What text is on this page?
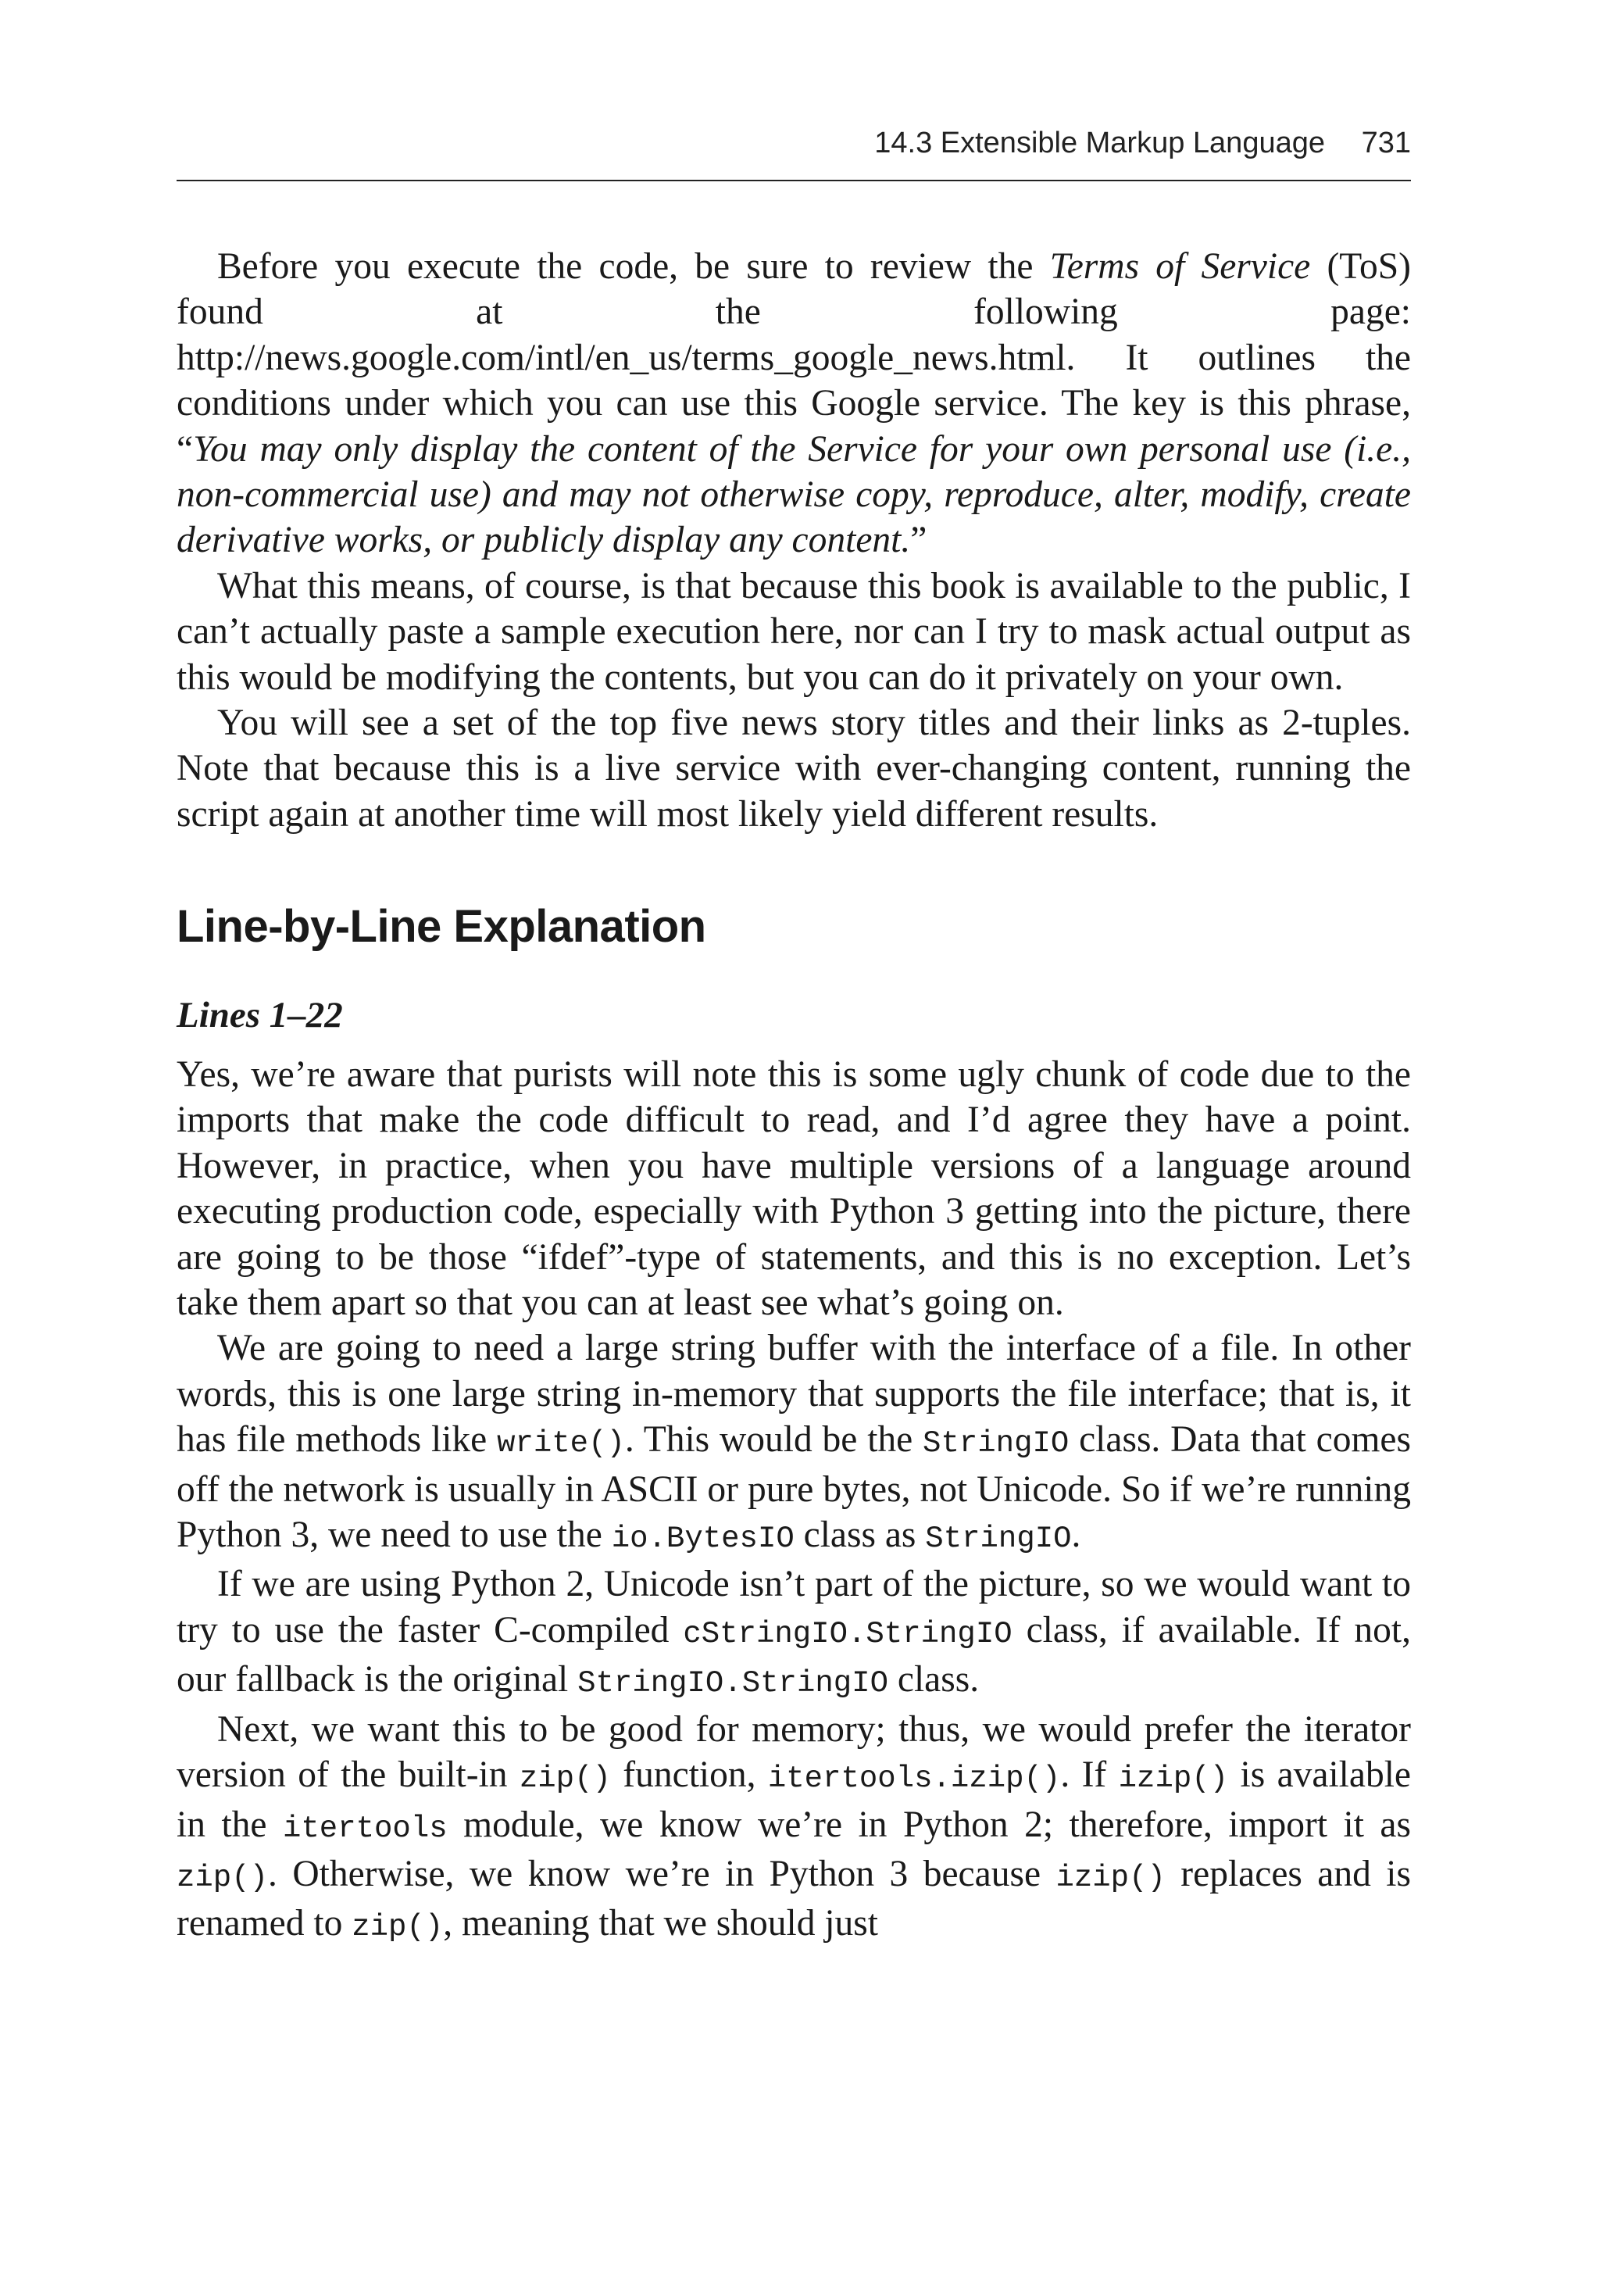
14.3 Extensible Markup Language 731

Before you execute the code, be sure to review the Terms of Service (ToS) found at the following page: http://news.google.com/intl/en_us/terms_google_news.html. It outlines the conditions under which you can use this Google service. The key is this phrase, “You may only display the content of the Service for your own personal use (i.e., non-commercial use) and may not otherwise copy, reproduce, alter, modify, create derivative works, or publicly display any content.”

What this means, of course, is that because this book is available to the public, I can’t actually paste a sample execution here, nor can I try to mask actual output as this would be modifying the contents, but you can do it privately on your own.

You will see a set of the top five news story titles and their links as 2-tuples. Note that because this is a live service with ever-changing content, running the script again at another time will most likely yield different results.

Line-by-Line Explanation
Lines 1–22

Yes, we’re aware that purists will note this is some ugly chunk of code due to the imports that make the code difficult to read, and I’d agree they have a point. However, in practice, when you have multiple versions of a language around executing production code, especially with Python 3 getting into the picture, there are going to be those “ifdef”-type of statements, and this is no exception. Let’s take them apart so that you can at least see what’s going on.

We are going to need a large string buffer with the interface of a file. In other words, this is one large string in-memory that supports the file interface; that is, it has file methods like write(). This would be the StringIO class. Data that comes off the network is usually in ASCII or pure bytes, not Unicode. So if we’re running Python 3, we need to use the io.BytesIO class as StringIO.

If we are using Python 2, Unicode isn’t part of the picture, so we would want to try to use the faster C-compiled cStringIO.StringIO class, if available. If not, our fallback is the original StringIO.StringIO class.

Next, we want this to be good for memory; thus, we would prefer the iterator version of the built-in zip() function, itertools.izip(). If izip() is available in the itertools module, we know we’re in Python 2; therefore, import it as zip(). Otherwise, we know we’re in Python 3 because izip() replaces and is renamed to zip(), meaning that we should just
